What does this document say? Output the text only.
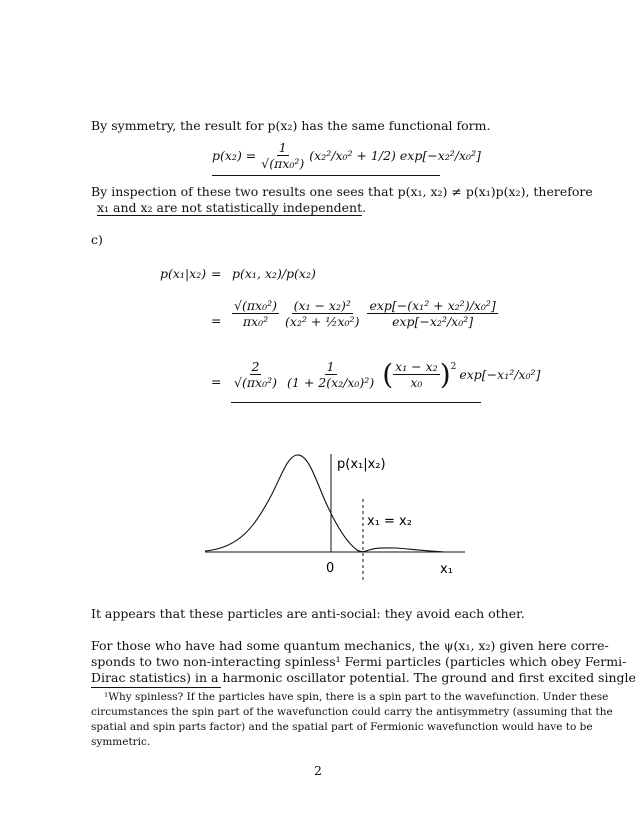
By symmetry, the result for p(x₂) has the same functional form.
$p(x_2) = \frac{1}{\text{√(πx₀²)}} (x_2^2/x_0^2 + 1/2)$ exp[−x₂²/x₀²]
By inspection of these two results one sees that p(x₁, x₂) ≠ p(x₁)p(x₂), therefore
x₁ and x₂ are not statistically independent.
c)
p(x₁|x₂) = p(x₁, x₂)/p(x₂)
= $\frac{\text{√(πx₀²)}}{\text{πx₀²}} \frac{\text{(x₁ − x₂)²}}{\text{(x₂² + ½x₀²)}} \frac{\text{exp[−(x₁² + x₂²)/x₀²]}}{\text{exp[−x₂²/x₀²]}}$
= $\frac{2}{\text{√(πx₀²)}} \frac{1}{\text{(1 + 2(x₂/x₀)²)}}$ ( $\frac{\text{x₁ − x₂}}{\text{x₀}} )^2$ exp[−x₁²/x₀²]
p(x₁|x₂)
x₁ = x₂
0	x₁
It appears that these particles are anti-social: they avoid each other.
For those who have had some quantum mechanics, the ψ(x₁, x₂) given here corre-
sponds to two non-interacting spinless¹ Fermi particles (particles which obey Fermi-
Dirac statistics) in a harmonic oscillator potential. The ground and first excited single
¹Why spinless? If the particles have spin, there is a spin part to the wavefunction. Under these
circumstances the spin part of the wavefunction could carry the antisymmetry (assuming that the
spatial and spin parts factor) and the spatial part of Fermionic wavefunction would have to be
symmetric.
2
